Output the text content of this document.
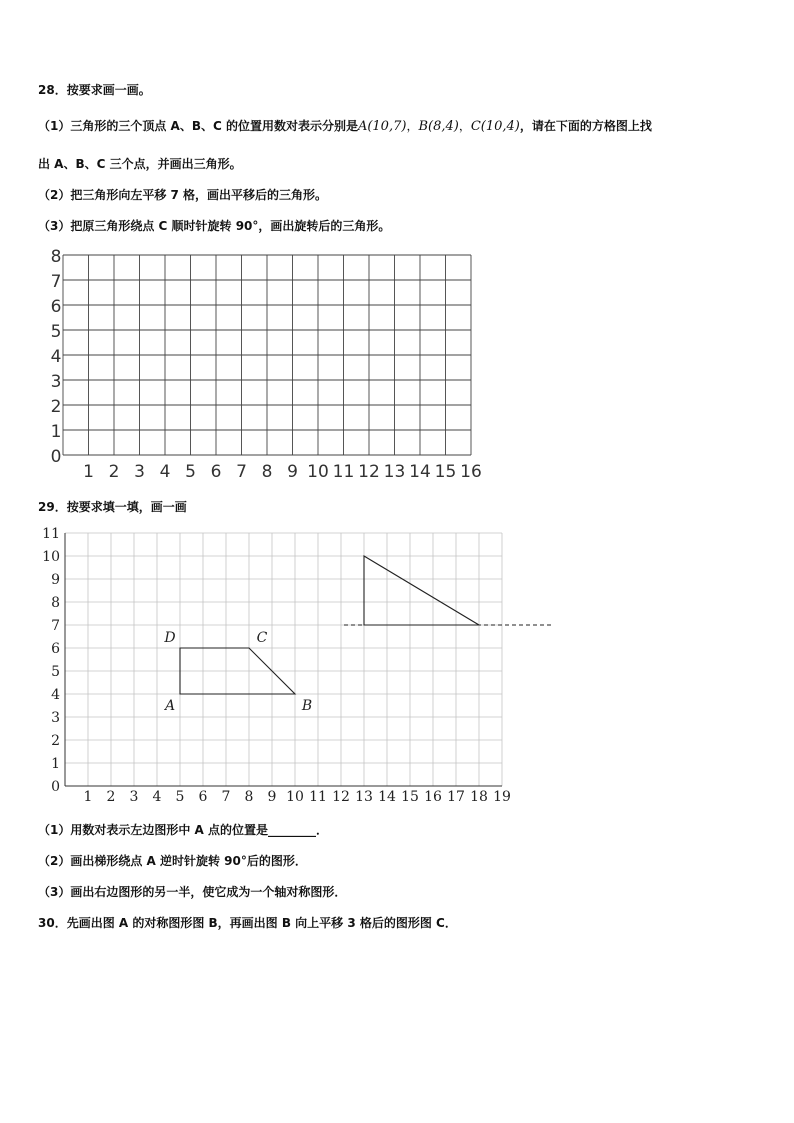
28．按要求画一画。
（1）三角形的三个顶点 A、B、C 的位置用数对表示分别是A(10,7)，B(8,4)，C(10,4)，请在下面的方格图上找
出 A、B、C 三个点，并画出三角形。
（2）把三角形向左平移 7 格，画出平移后的三角形。
（3）把原三角形绕点 C 顺时针旋转 90°，画出旋转后的三角形。
1 2 3 4 5 6 7 8 9 10 11 12 13 14 15 16
0
1
2
3
4
5
6
7
8
1 2 3 4 5 6 7 8 9 10 11 12 13 14 15 16 17 18 19
0
1
2
3
4
5
6
7
8
9
10
11
A	B
C
D
29．按要求填一填，画一画
（1）用数对表示左边图形中 A 点的位置是________．
（2）画出梯形绕点 A 逆时针旋转 90°后的图形．
（3）画出右边图形的另一半，使它成为一个轴对称图形．
30．先画出图 A 的对称图形图 B，再画出图 B 向上平移 3 格后的图形图 C．
